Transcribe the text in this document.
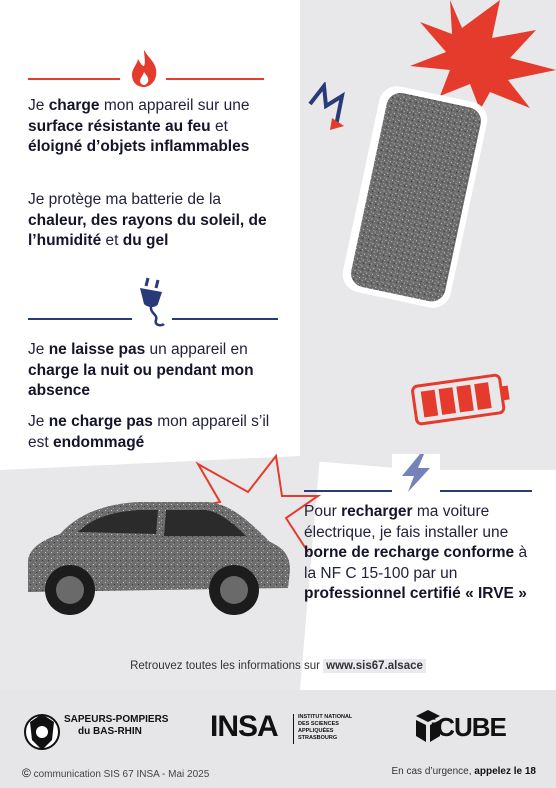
Je charge mon appareil sur une surface résistante au feu et éloigné d’objets inflammables
Je protège ma batterie de la chaleur, des rayons du soleil, de l’humidité et du gel
Je ne laisse pas un appareil en charge la nuit ou pendant mon absence
Je ne charge pas mon appareil s’il est endommagé
Pour recharger ma voiture électrique, je fais installer une borne de recharge conforme à la NF C 15-100 par un professionnel certifié « IRVE »
Retrouvez toutes les informations sur www.sis67.alsace
SAPEURS-POMPIERS
du BAS-RHIN	INSA	INSTITUT NATIONAL
DES SCIENCES
APPLIQUÉES
STRASBOURG	iCUBE
© communication SIS 67 INSA - Mai 2025	En cas d’urgence, appelez le 18
